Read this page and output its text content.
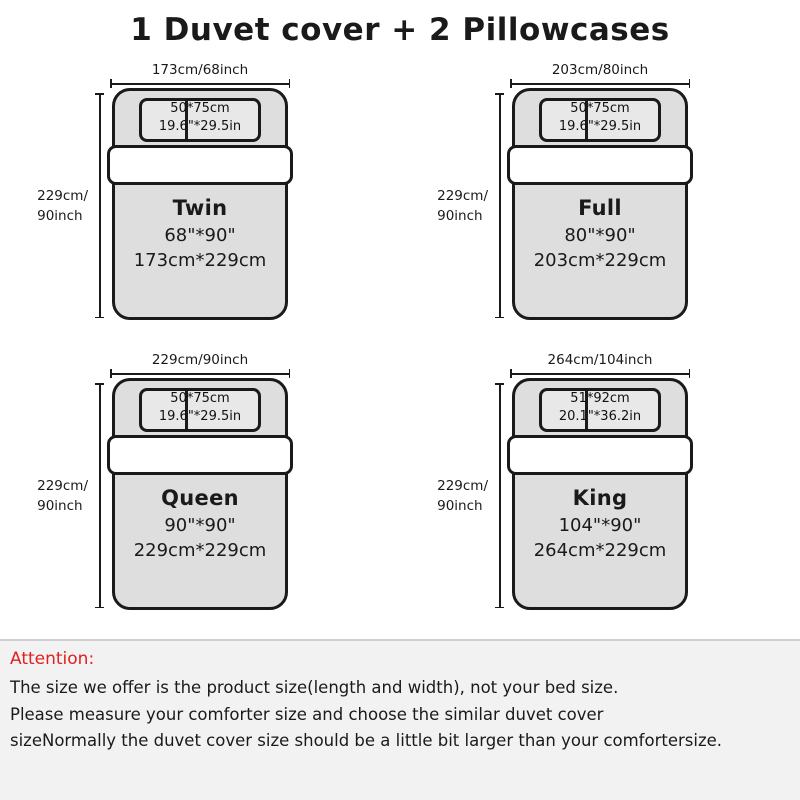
1 Duvet cover + 2 Pillowcases
173cm/68inch
229cm/
90inch
50*75cm
19.6"*29.5in
Twin
68"*90"
173cm*229cm
203cm/80inch
229cm/
90inch
50*75cm
19.6"*29.5in
Full
80"*90"
203cm*229cm
229cm/90inch
229cm/
90inch
50*75cm
19.6"*29.5in
Queen
90"*90"
229cm*229cm
264cm/104inch
229cm/
90inch
51*92cm
20.1"*36.2in
King
104"*90"
264cm*229cm
Attention:
The size we offer is the product size(length and width), not your bed size.
Please measure your comforter size and choose the similar duvet cover
sizeNormally the duvet cover size should be a little bit larger than your comfortersize.
